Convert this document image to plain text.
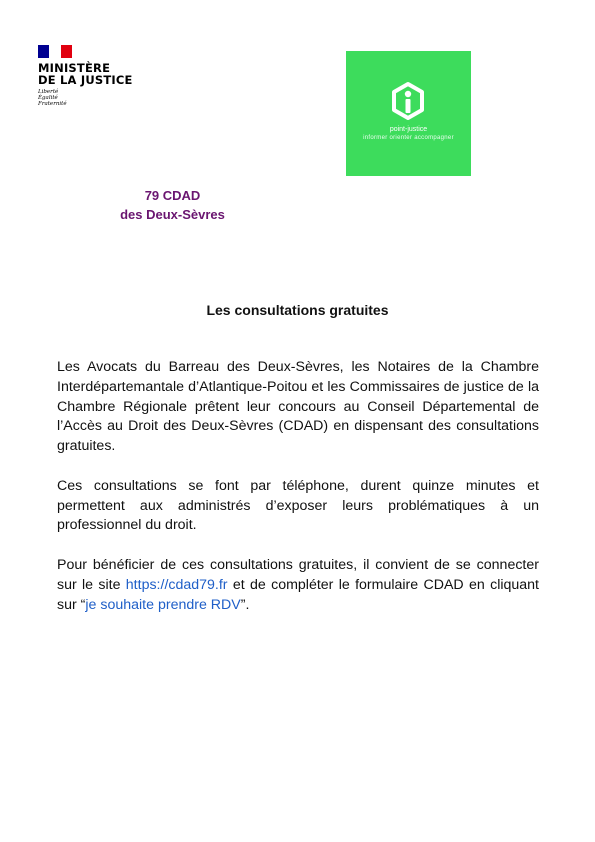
MINISTÈRE
DE LA JUSTICE
Liberté
Égalité
Fraternité
point-justice
informer orienter accompagner
79 CDAD
des Deux-Sèvres
Les consultations gratuites

Les Avocats du Barreau des Deux-Sèvres, les Notaires de la Chambre Interdépartemantale d’Atlantique-Poitou et les Commissaires de justice de la Chambre Régionale prêtent leur concours au Conseil Départemental de l’Accès au Droit des Deux-Sèvres (CDAD) en dispensant des consultations gratuites.

Ces consultations se font par téléphone, durent quinze minutes et permettent aux administrés d’exposer leurs problématiques à un professionnel du droit.

Pour bénéficier de ces consultations gratuites, il convient de se connecter sur le site https://cdad79.fr et de compléter le formulaire CDAD en cliquant sur “je souhaite prendre RDV”.
